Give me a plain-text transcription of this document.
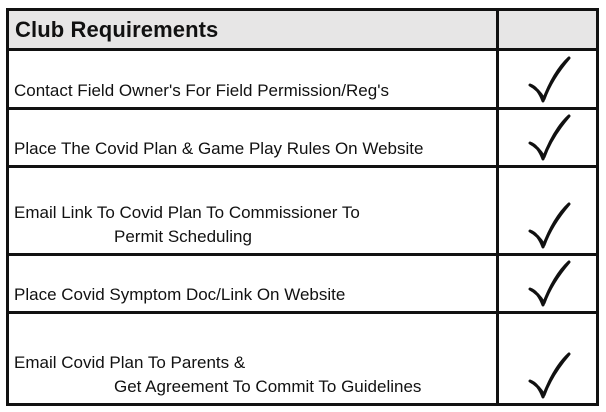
Club Requirements
Contact Field Owner's For Field Permission/Reg's
Place The Covid Plan & Game Play Rules On Website
Email Link To Covid Plan To Commissioner To
Permit Scheduling
Place Covid Symptom Doc/Link On Website
Email Covid Plan To Parents &
Get Agreement To Commit To Guidelines
